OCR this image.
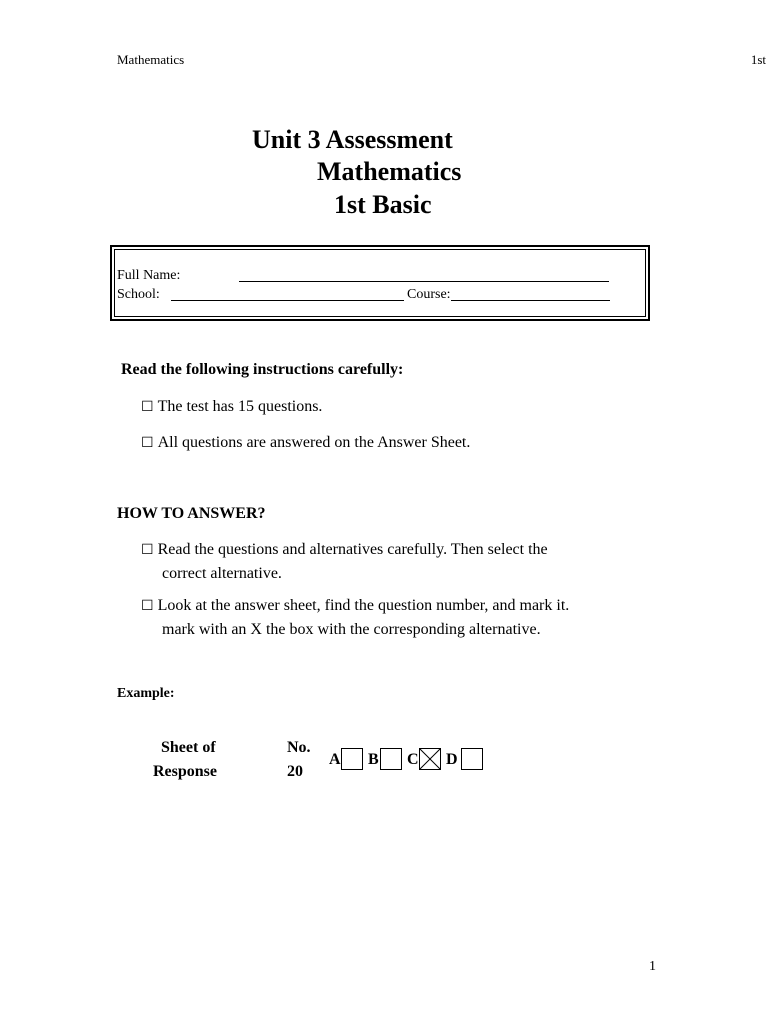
Mathematics	1st
Unit 3 Assessment
Mathematics
1st Basic
Full Name:
School:	Course:
Read the following instructions carefully:
☐ The test has 15 questions.
☐ All questions are answered on the Answer Sheet.
HOW TO ANSWER?
☐ Read the questions and alternatives carefully. Then select the
correct alternative.
☐ Look at the answer sheet, find the question number, and mark it.
mark with an X the box with the corresponding alternative.
Example:
Sheet of
Response
No.
20
A B C D
1
